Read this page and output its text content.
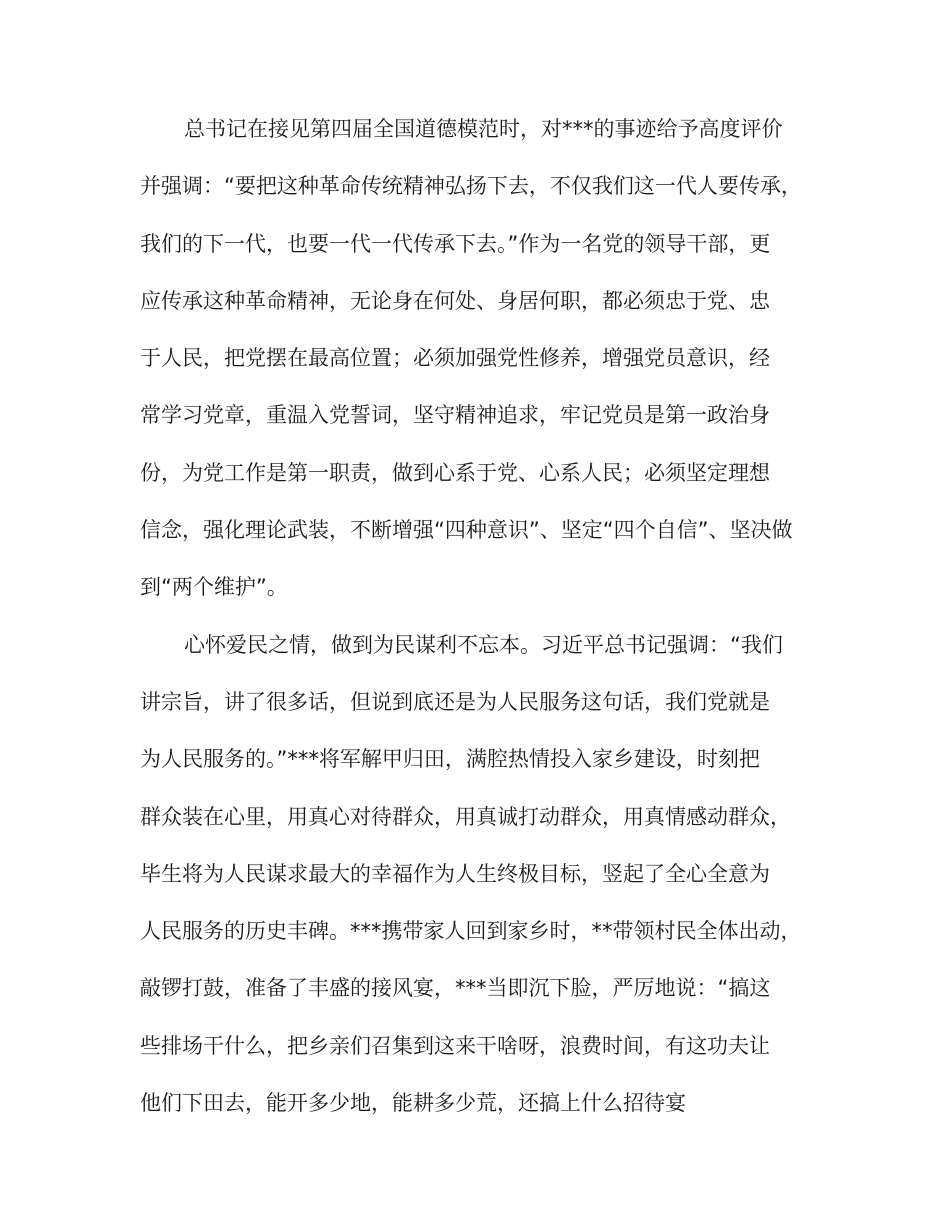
总书记在接见第四届全国道德模范时，对***的事迹给予高度评价
并强调：“要把这种革命传统精神弘扬下去，不仅我们这一代人要传承，
我们的下一代，也要一代一代传承下去。”作为一名党的领导干部，更
应传承这种革命精神，无论身在何处、身居何职，都必须忠于党、忠
于人民，把党摆在最高位置；必须加强党性修养，增强党员意识，经
常学习党章，重温入党誓词，坚守精神追求，牢记党员是第一政治身
份，为党工作是第一职责，做到心系于党、心系人民；必须坚定理想
信念，强化理论武装，不断增强“四种意识”、坚定“四个自信”、坚决做
到“两个维护”。
心怀爱民之情，做到为民谋利不忘本。习近平总书记强调：“我们
讲宗旨，讲了很多话，但说到底还是为人民服务这句话，我们党就是
为人民服务的。”***将军解甲归田，满腔热情投入家乡建设，时刻把
群众装在心里，用真心对待群众，用真诚打动群众，用真情感动群众，
毕生将为人民谋求最大的幸福作为人生终极目标，竖起了全心全意为
人民服务的历史丰碑。***携带家人回到家乡时，**带领村民全体出动，
敲锣打鼓，准备了丰盛的接风宴，***当即沉下脸，严厉地说：“搞这
些排场干什么，把乡亲们召集到这来干啥呀，浪费时间，有这功夫让
他们下田去，能开多少地，能耕多少荒，还搞上什么招待宴
